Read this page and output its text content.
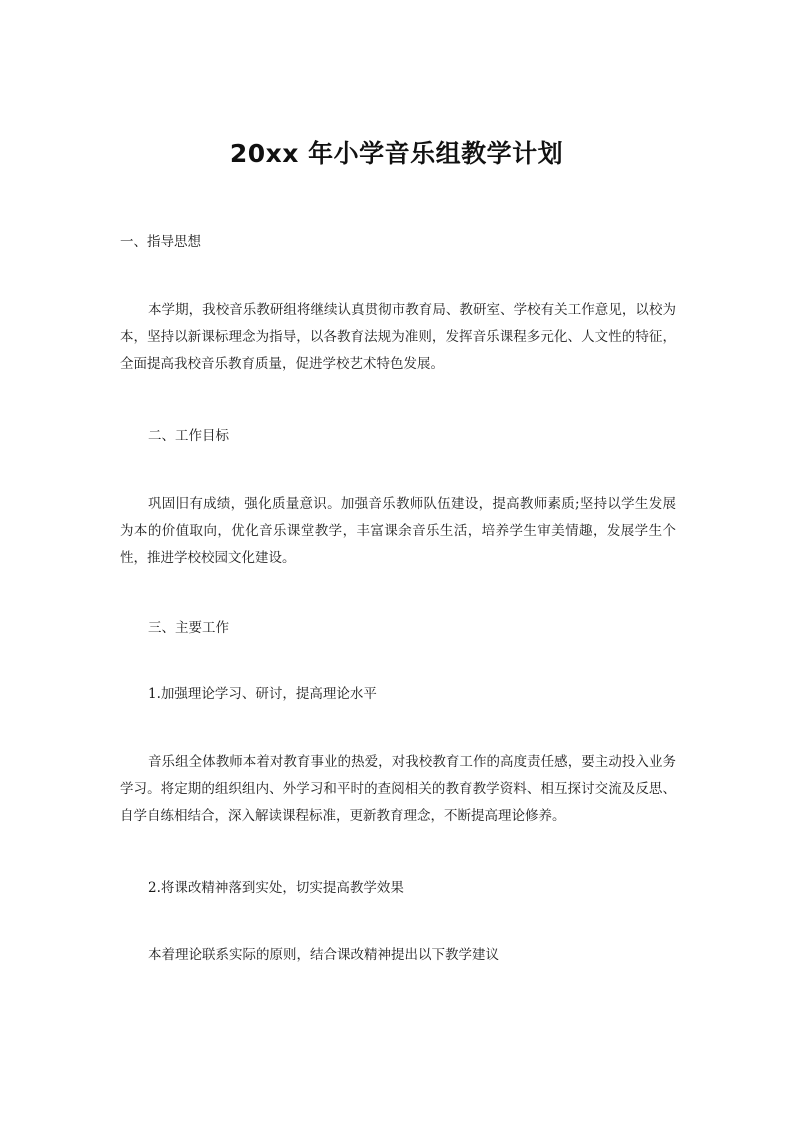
20xx 年小学音乐组教学计划
一、指导思想
本学期，我校音乐教研组将继续认真贯彻市教育局、教研室、学校有关工作意见，以校为本，坚持以新课标理念为指导，以各教育法规为准则，发挥音乐课程多元化、人文性的特征，全面提高我校音乐教育质量，促进学校艺术特色发展。
二、工作目标
巩固旧有成绩，强化质量意识。加强音乐教师队伍建设，提高教师素质;坚持以学生发展为本的价值取向，优化音乐课堂教学，丰富课余音乐生活，培养学生审美情趣，发展学生个性，推进学校校园文化建设。
三、主要工作
1.加强理论学习、研讨，提高理论水平
音乐组全体教师本着对教育事业的热爱，对我校教育工作的高度责任感，要主动投入业务学习。将定期的组织组内、外学习和平时的查阅相关的教育教学资料、相互探讨交流及反思、自学自练相结合，深入解读课程标准，更新教育理念，不断提高理论修养。
2.将课改精神落到实处，切实提高教学效果
本着理论联系实际的原则，结合课改精神提出以下教学建议
